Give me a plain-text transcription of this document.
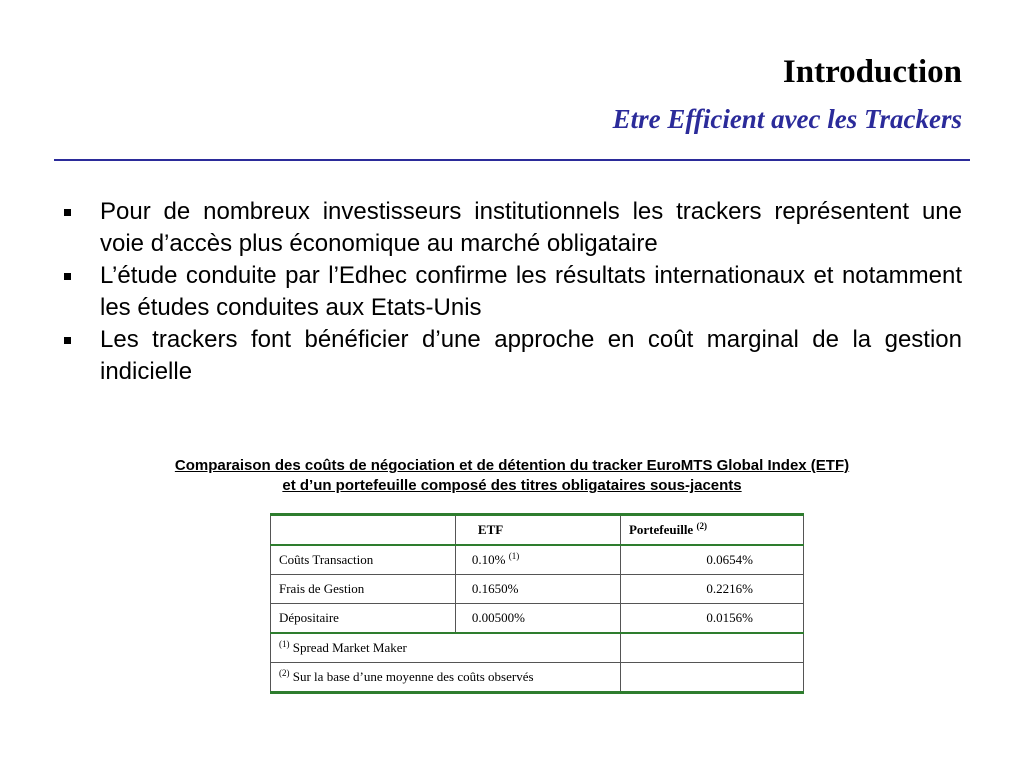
Introduction
Etre Efficient avec les Trackers
Pour de nombreux investisseurs institutionnels les trackers représentent une voie d’accès plus économique au marché obligataire
L’étude conduite par l’Edhec confirme les résultats internationaux et notamment les études conduites aux Etats-Unis
Les trackers font bénéficier d’une approche en coût marginal de la gestion indicielle
Comparaison des coûts de négociation et de détention du tracker EuroMTS Global Index (ETF)
et d’un portefeuille composé des titres obligataires sous-jacents
	ETF	Portefeuille $^{(2)}$
Coûts Transaction	0.10% $^{(1)}$	0.0654%
Frais de Gestion	0.1650%	0.2216%
Dépositaire	0.00500%	0.0156%
$^{(1)}$ Spread Market Maker		
$^{(2)}$ Sur la base d’une moyenne des coûts observés		
